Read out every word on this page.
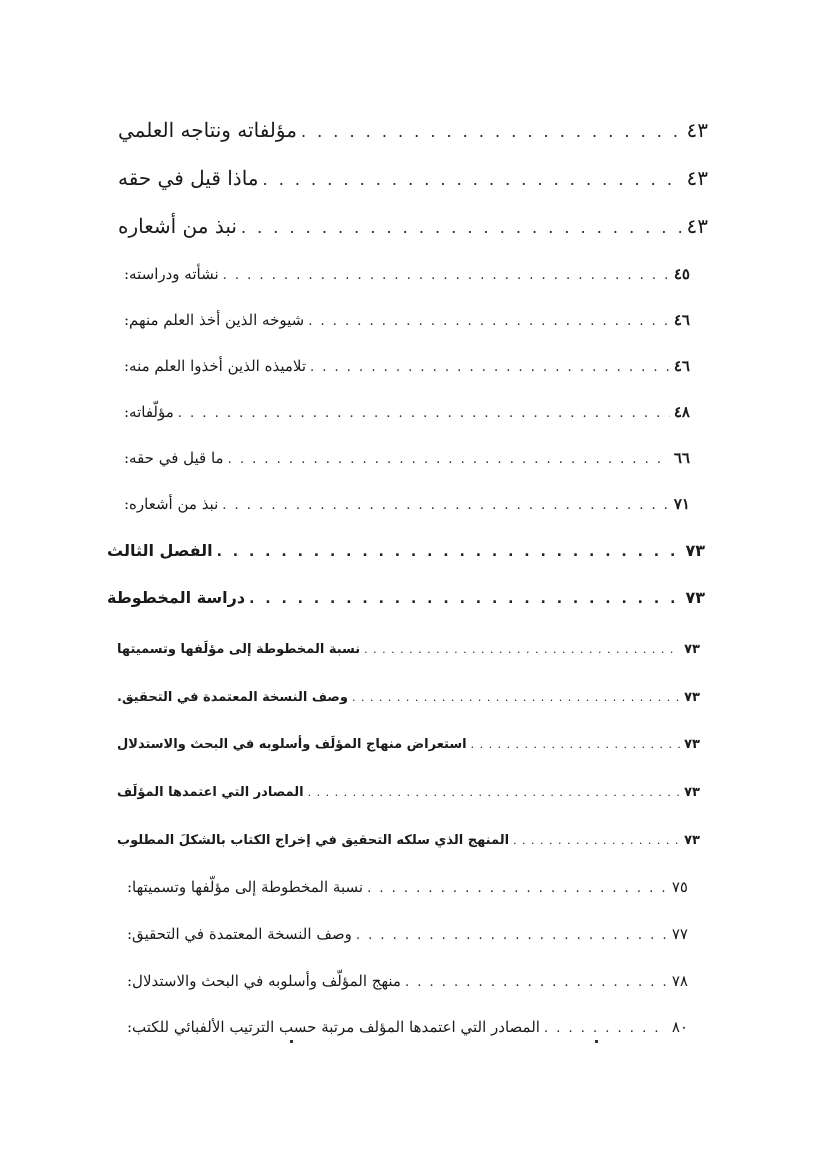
مؤلفاته ونتاجه العلمي . . .	٤٣
ماذا قيل في حقه . . .	٤٣
نبذ من أشعاره . . .	٤٣
نشأته ودراسته: . . .	٤٥
شيوخه الذين أخذ العلم منهم: . . .	٤٦
تلاميذه الذين أخذوا العلم منه: . . .	٤٦
مؤلّفاته: . . .	٤٨
ما قيل في حقه: . . .	٦٦
نبذ من أشعاره: . . .	٧١
الفصل الثالث . . .	٧٣
دراسة المخطوطة . . .	٧٣
نسبة المخطوطة إلى مؤلَفها وتسميتها . . .	٧٣
وصف النسخة المعتمدة في التحقيق. . . .	٧٣
استعراض منهاج المؤلَف وأسلوبه في البحث والاستدلال . . .	٧٣
المصادر التي اعتمدها المؤلَف . . .	٧٣
المنهج الذي سلكه التحقيق في إخراج الكتاب بالشكلَ المطلوب . . .	٧٣
نسبة المخطوطة إلى مؤلّفها وتسميتها: . . .	٧٥
وصف النسخة المعتمدة في التحقيق: . . .	٧٧
منهج المؤلّف وأسلوبه في البحث والاستدلال: . . .	٧٨
المصادر التي اعتمدها المؤلف مرتبة حسب الترتيب الألفبائي للكتب: . . .	٨٠
